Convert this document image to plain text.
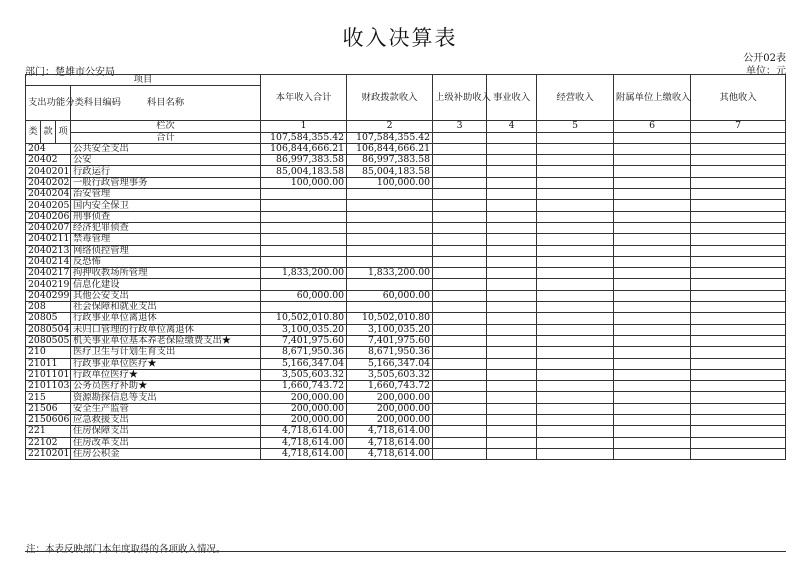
收入决算表
公开02表
部门：楚雄市公安局	单位：元
项目				本年收入合计	财政拨款收入	上级补助收入	事业收入	经营收入	附属单位上缴收入	其他收入
支出功能分类科目编码			科目名称							
类	款	项	栏次	1	2	3	4	5	6	7
			合计	107,584,355.42	107,584,355.42					
204			公共安全支出	106,844,666.21	106,844,666.21					
20402			公安	86,997,383.58	86,997,383.58					
2040201			行政运行	85,004,183.58	85,004,183.58					
2040202			一般行政管理事务	100,000.00	100,000.00					
2040204			治安管理							
2040205			国内安全保卫							
2040206			刑事侦查							
2040207			经济犯罪侦查							
2040211			禁毒管理							
2040213			网络侦控管理							
2040214			反恐怖							
2040217			拘押收教场所管理	1,833,200.00	1,833,200.00					
2040219			信息化建设							
2040299			其他公安支出	60,000.00	60,000.00					
208			社会保障和就业支出							
20805			行政事业单位离退休	10,502,010.80	10,502,010.80					
2080504			未归口管理的行政单位离退休	3,100,035.20	3,100,035.20					
2080505			机关事业单位基本养老保险缴费支出★	7,401,975.60	7,401,975.60					
210			医疗卫生与计划生育支出	8,671,950.36	8,671,950.36					
21011			行政事业单位医疗★	5,166,347.04	5,166,347.04					
2101101			行政单位医疗★	3,505,603.32	3,505,603.32					
2101103			公务员医疗补助★	1,660,743.72	1,660,743.72					
215			资源勘探信息等支出	200,000.00	200,000.00					
21506			安全生产监管	200,000.00	200,000.00					
2150606			应急救援支出	200,000.00	200,000.00					
221			住房保障支出	4,718,614.00	4,718,614.00					
22102			住房改革支出	4,718,614.00	4,718,614.00					
2210201			住房公积金	4,718,614.00	4,718,614.00					
注：本表反映部门本年度取得的各项收入情况。
